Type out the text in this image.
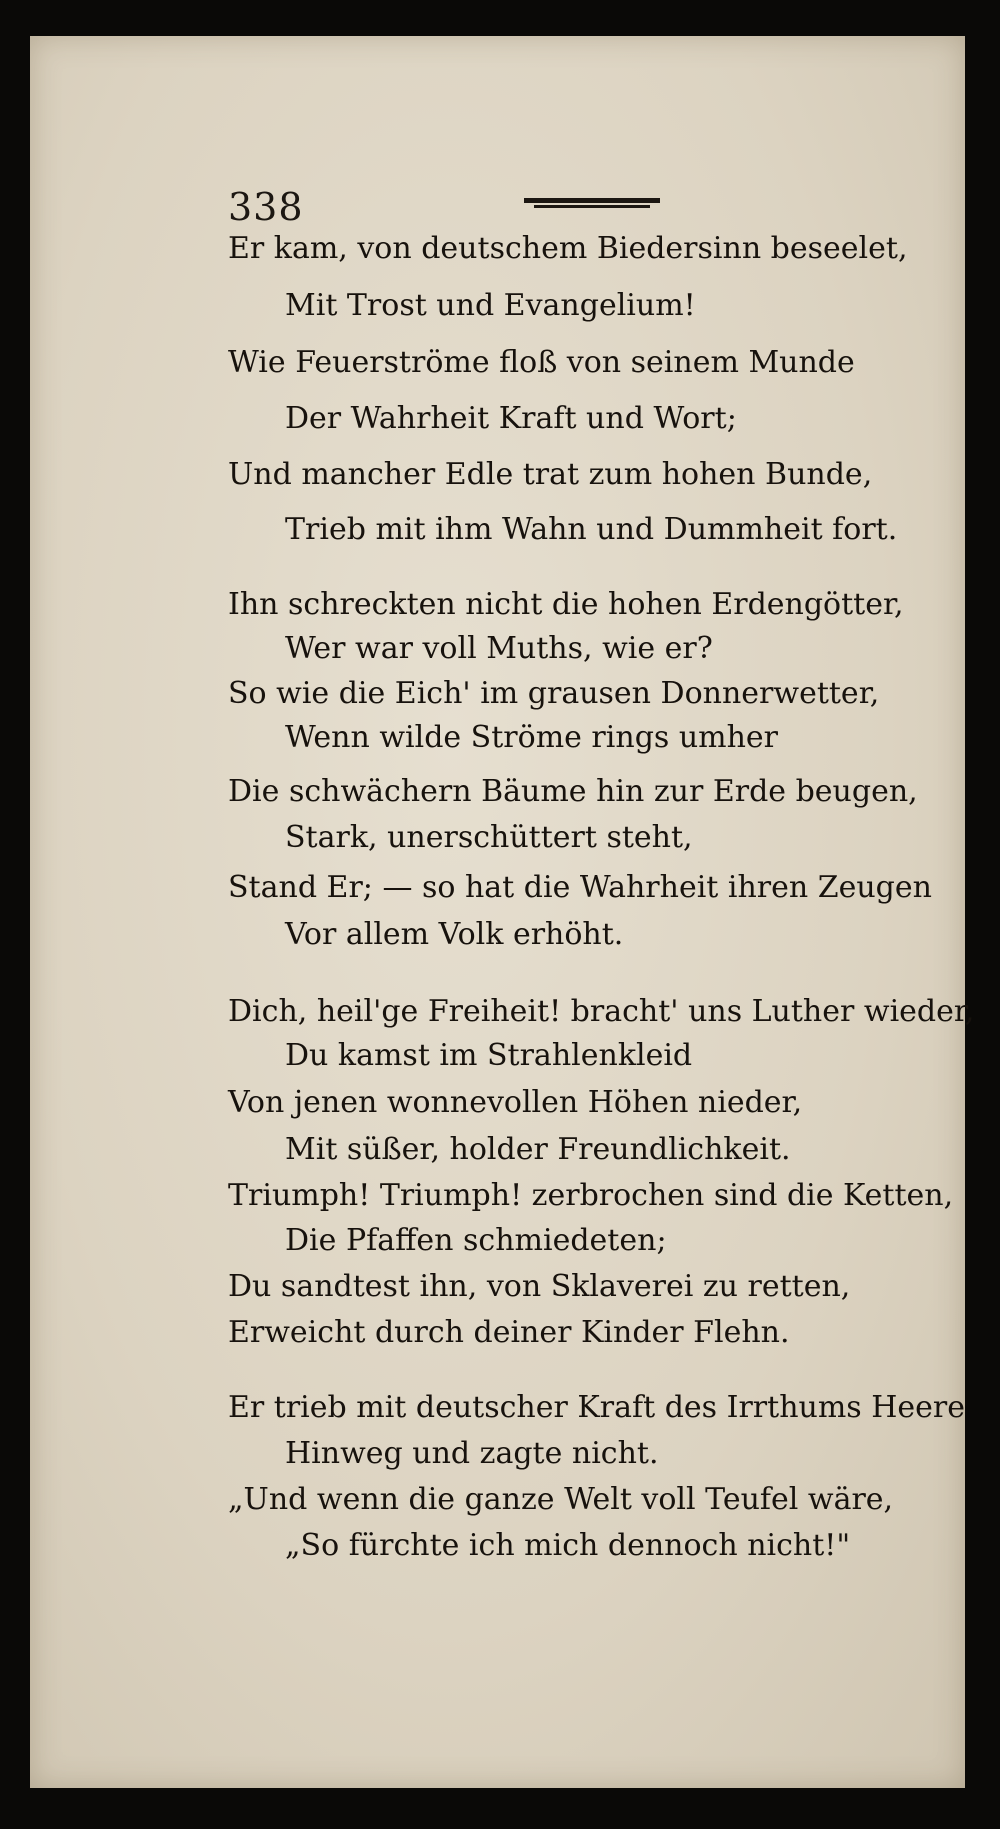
338
Er kam, von deutschem Biedersinn beseelet,
Mit Trost und Evangelium!
Wie Feuerströme floß von seinem Munde
Der Wahrheit Kraft und Wort;
Und mancher Edle trat zum hohen Bunde,
Trieb mit ihm Wahn und Dummheit fort.
Ihn schreckten nicht die hohen Erdengötter,
Wer war voll Muths, wie er?
So wie die Eich' im grausen Donnerwetter,
Wenn wilde Ströme rings umher
Die schwächern Bäume hin zur Erde beugen,
Stark, unerschüttert steht,
Stand Er; — so hat die Wahrheit ihren Zeugen
Vor allem Volk erhöht.
Dich, heil'ge Freiheit! bracht' uns Luther wieder,
Du kamst im Strahlenkleid
Von jenen wonnevollen Höhen nieder,
Mit süßer, holder Freundlichkeit.
Triumph! Triumph! zerbrochen sind die Ketten,
Die Pfaffen schmiedeten;
Du sandtest ihn, von Sklaverei zu retten,
Erweicht durch deiner Kinder Flehn.
Er trieb mit deutscher Kraft des Irrthums Heere
Hinweg und zagte nicht.
„Und wenn die ganze Welt voll Teufel wäre,
„So fürchte ich mich dennoch nicht!"
